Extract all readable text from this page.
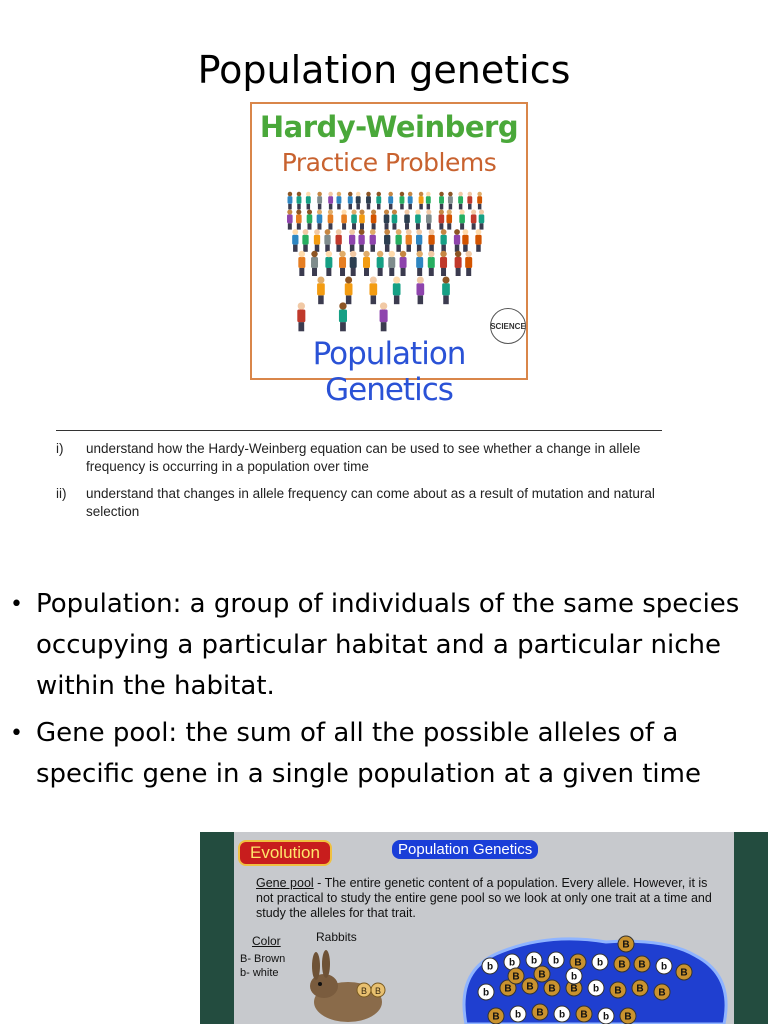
Population genetics
Hardy-Weinberg
Practice Problems
SCIENCE
Population Genetics
i)	understand how the Hardy-Weinberg equation can be used to see whether a change in allele frequency is occurring in a population over time
ii)	understand that changes in allele frequency can come about as a result of mutation and natural selection
• Population: a group of individuals of the same species occupying a particular habitat and a particular niche within the habitat.
• Gene pool: the sum of all the possible alleles of a specific gene in a single population at a given time
Evolution	Population Genetics
Gene pool - The entire genetic content of a population. Every allele. However, it is not practical to study the entire gene pool so we look at only one trait at a time and study the alleles for that trait.
Color	Rabbits
B- Brown
b- white
B B
b b b b B b B B b
B
b B B B B b B B B
B
B b B b B b B
b
B
B
